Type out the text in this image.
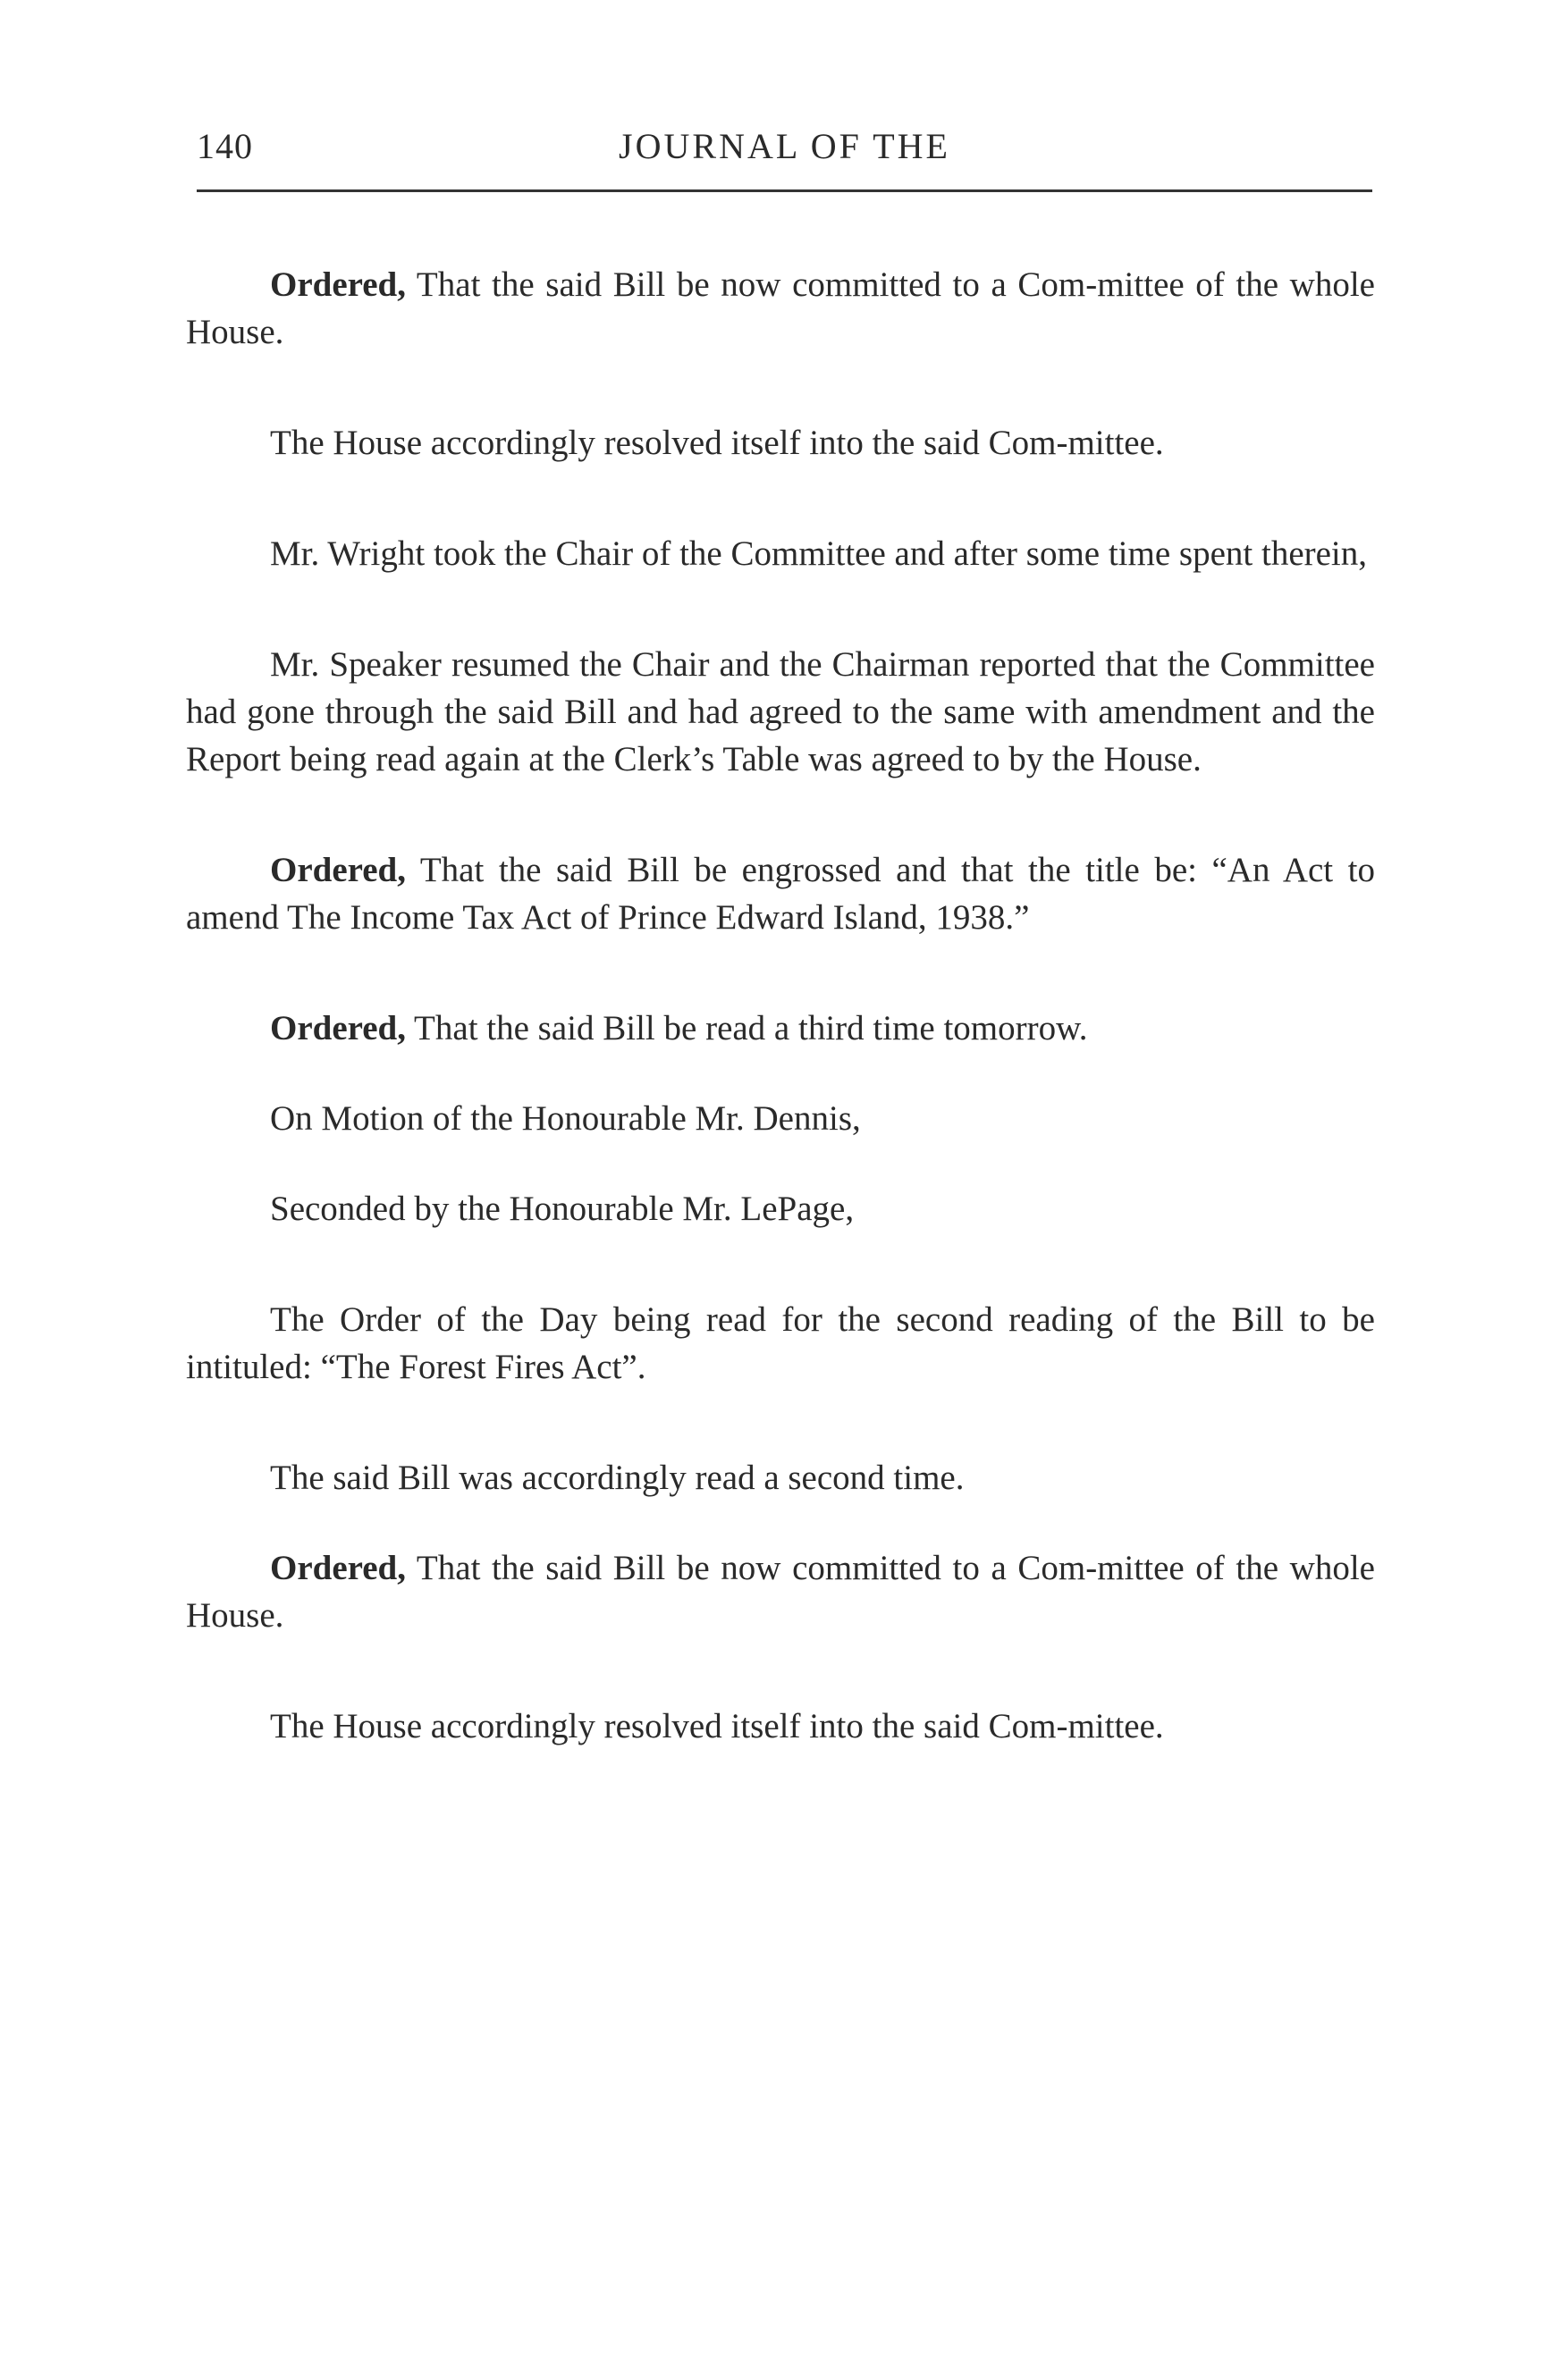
140	JOURNAL OF THE

Ordered, That the said Bill be now committed to a Com-mittee of the whole House.

The House accordingly resolved itself into the said Com-mittee.

Mr. Wright took the Chair of the Committee and after some time spent therein,

Mr. Speaker resumed the Chair and the Chairman reported that the Committee had gone through the said Bill and had agreed to the same with amendment and the Report being read again at the Clerk’s Table was agreed to by the House.

Ordered, That the said Bill be engrossed and that the title be: “An Act to amend The Income Tax Act of Prince Edward Island, 1938.”

Ordered, That the said Bill be read a third time tomorrow.

On Motion of the Honourable Mr. Dennis,

Seconded by the Honourable Mr. LePage,

The Order of the Day being read for the second reading of the Bill to be intituled: “The Forest Fires Act”.

The said Bill was accordingly read a second time.

Ordered, That the said Bill be now committed to a Com-mittee of the whole House.

The House accordingly resolved itself into the said Com-mittee.
